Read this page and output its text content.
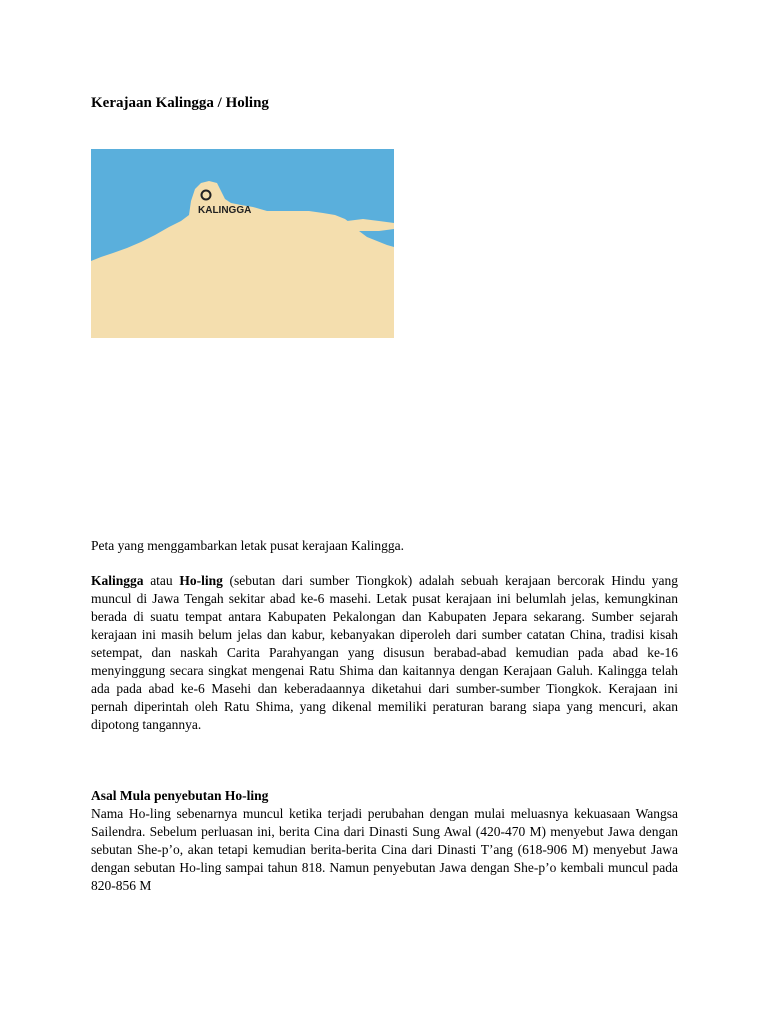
Kerajaan Kalingga / Holing
KALINGGA

Peta yang menggambarkan letak pusat kerajaan Kalingga.

Kalingga atau Ho-ling (sebutan dari sumber Tiongkok) adalah sebuah kerajaan bercorak Hindu yang muncul di Jawa Tengah sekitar abad ke-6 masehi. Letak pusat kerajaan ini belumlah jelas, kemungkinan berada di suatu tempat antara Kabupaten Pekalongan dan Kabupaten Jepara sekarang. Sumber sejarah kerajaan ini masih belum jelas dan kabur, kebanyakan diperoleh dari sumber catatan China, tradisi kisah setempat, dan naskah Carita Parahyangan yang disusun berabad-abad kemudian pada abad ke-16 menyinggung secara singkat mengenai Ratu Shima dan kaitannya dengan Kerajaan Galuh. Kalingga telah ada pada abad ke-6 Masehi dan keberadaannya diketahui dari sumber-sumber Tiongkok. Kerajaan ini pernah diperintah oleh Ratu Shima, yang dikenal memiliki peraturan barang siapa yang mencuri, akan dipotong tangannya.

Asal Mula penyebutan Ho-ling

Nama Ho-ling sebenarnya muncul ketika terjadi perubahan dengan mulai meluasnya kekuasaan Wangsa Sailendra. Sebelum perluasan ini, berita Cina dari Dinasti Sung Awal (420-470 M) menyebut Jawa dengan sebutan She-p’o, akan tetapi kemudian berita-berita Cina dari Dinasti T’ang (618-906 M) menyebut Jawa dengan sebutan Ho-ling sampai tahun 818. Namun penyebutan Jawa dengan She-p’o kembali muncul pada 820-856 M
